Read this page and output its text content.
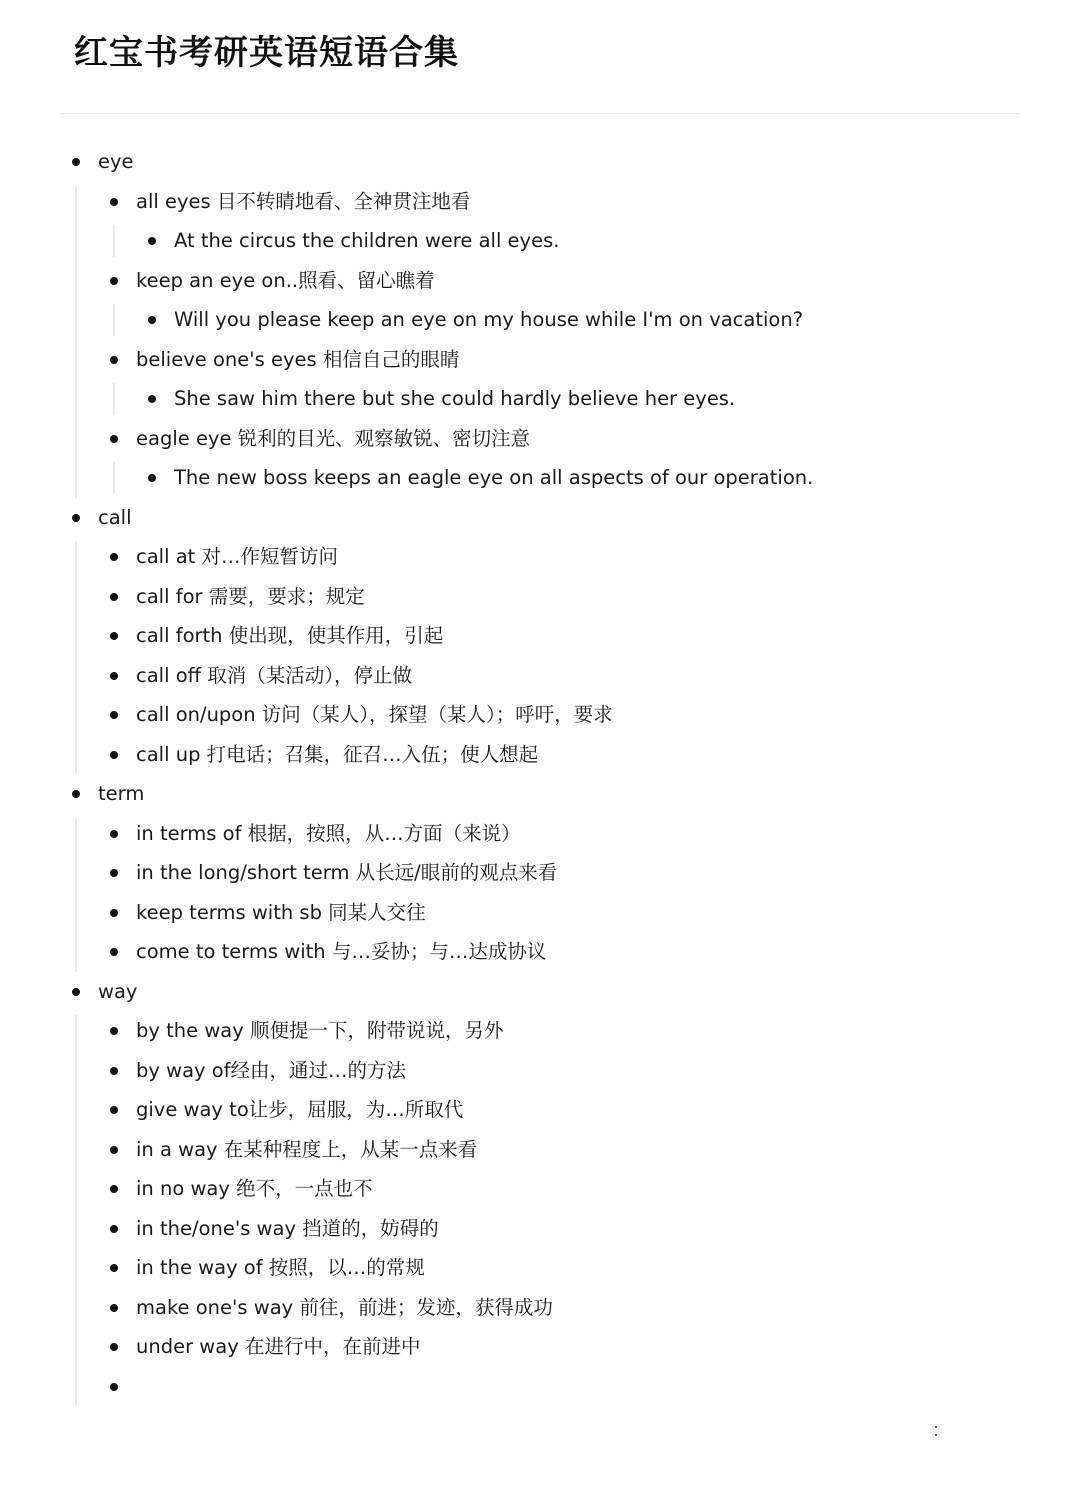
红宝书考研英语短语合集
eye
all eyes 目不转睛地看、全神贯注地看
At the circus the children were all eyes.
keep an eye on..照看、留心瞧着
Will you please keep an eye on my house while I'm on vacation?
believe one's eyes 相信自己的眼睛
She saw him there but she could hardly believe her eyes.
eagle eye 锐利的目光、观察敏锐、密切注意
The new boss keeps an eagle eye on all aspects of our operation.
call
call at 对…作短暂访问
call for 需要，要求；规定
call forth 使出现，使其作用，引起
call off 取消（某活动），停止做
call on/upon 访问（某人），探望（某人）；呼吁，要求
call up 打电话；召集，征召…入伍；使人想起
term
in terms of 根据，按照，从…方面（来说）
in the long/short term 从长远/眼前的观点来看
keep terms with sb 同某人交往
come to terms with 与…妥协；与…达成协议
way
by the way 顺便提一下，附带说说，另外
by way of经由，通过…的方法
give way to让步，屈服，为…所取代
in a way 在某种程度上，从某一点来看
in no way 绝不，一点也不
in the/one's way 挡道的，妨碍的
in the way of 按照，以…的常规
make one's way 前往，前进；发迹，获得成功
under way 在进行中，在前进中
